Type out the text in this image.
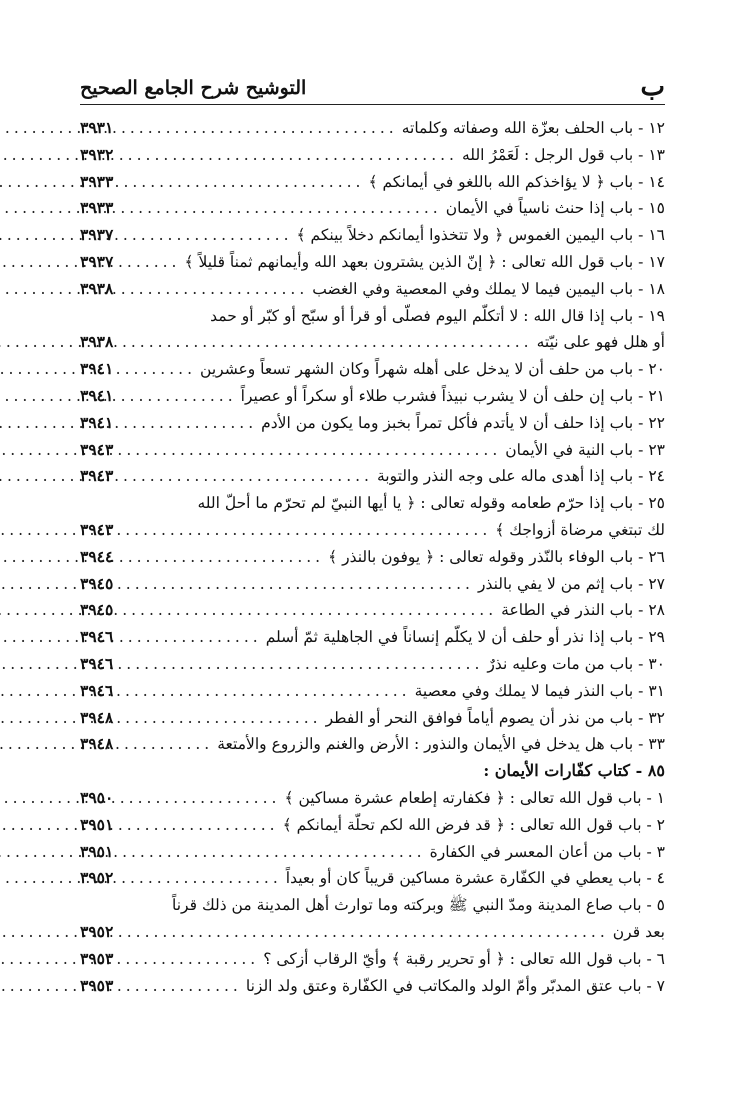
ب
التوشيح شرح الجامع الصحيح
١٢ - باب الحلف بعزّة الله وصفاته وكلماته
.....
٣٩٣١
١٣ - باب قول الرجل : لَعَمْرُ الله
.....
٣٩٣٢
١٤ - باب ﴿ لا يؤاخذكم الله باللغو في أيمانكم ﴾
.....
٣٩٣٣
١٥ - باب إذا حنث ناسياً في الأيمان
.....
٣٩٣٣
١٦ - باب اليمين الغموس ﴿ ولا تتخذوا أيمانكم دخلاً بينكم ﴾
.....
٣٩٣٧
١٧ - باب قول الله تعالى : ﴿ إنّ الذين يشترون بعهد الله وأيمانهم ثمناً قليلاً ﴾
.....
٣٩٣٧
١٨ - باب اليمين فيما لا يملك وفي المعصية وفي الغضب
.....
٣٩٣٨
١٩ - باب إذا قال الله : لا أتكلّم اليوم فصلّى أو قرأ أو سبّح أو كبّر أو حمد
أو هلل فهو على نيّته
.....
٣٩٣٨
٢٠ - باب من حلف أن لا يدخل على أهله شهراً وكان الشهر تسعاً وعشرين
.....
٣٩٤١
٢١ - باب إن حلف أن لا يشرب نبيذاً فشرب طلاء أو سكراً أو عصيراً
.....
٣٩٤١
٢٢ - باب إذا حلف أن لا يأتدم فأكل تمراً بخبز وما يكون من الأدم
.....
٣٩٤١
٢٣ - باب النية في الأيمان
.....
٣٩٤٣
٢٤ - باب إذا أهدى ماله على وجه النذر والتوبة
.....
٣٩٤٣
٢٥ - باب إذا حرّم طعامه وقوله تعالى : ﴿ يا أيها النبيّ لم تحرّم ما أحلّ الله
لك تبتغي مرضاة أزواجك ﴾
.....
٣٩٤٣
٢٦ - باب الوفاء بالنّذر وقوله تعالى : ﴿ يوفون بالنذر ﴾
.....
٣٩٤٤
٢٧ - باب إثم من لا يفي بالنذر
.....
٣٩٤٥
٢٨ - باب النذر في الطاعة
.....
٣٩٤٥
٢٩ - باب إذا نذر أو حلف أن لا يكلّم إنساناً في الجاهلية ثمّ أسلم
.....
٣٩٤٦
٣٠ - باب من مات وعليه نذرٌ
.....
٣٩٤٦
٣١ - باب النذر فيما لا يملك وفي معصية
.....
٣٩٤٦
٣٢ - باب من نذر أن يصوم أياماً فوافق النحر أو الفطر
.....
٣٩٤٨
٣٣ - باب هل يدخل في الأيمان والنذور : الأرض والغنم والزروع والأمتعة
.....
٣٩٤٨
٨٥ - كتاب كفّارات الأيمان :
١ - باب قول الله تعالى : ﴿ فكفارته إطعام عشرة مساكين ﴾
.....
٣٩٥٠
٢ - باب قول الله تعالى : ﴿ قد فرض الله لكم تحلّة أيمانكم ﴾
.....
٣٩٥١
٣ - باب من أعان المعسر في الكفارة
.....
٣٩٥١
٤ - باب يعطي في الكفّارة عشرة مساكين قريباً كان أو بعيداً
.....
٣٩٥٢
٥ - باب صاع المدينة ومدّ النبي ﷺ وبركته وما توارث أهل المدينة من ذلك قرناً
بعد قرن
.....
٣٩٥٢
٦ - باب قول الله تعالى : ﴿ أو تحرير رقبة ﴾ وأيّ الرقاب أزكى ؟
.....
٣٩٥٣
٧ - باب عتق المدبّر وأمّ الولد والمكاتب في الكفّارة وعتق ولد الزنا
.....
٣٩٥٣
